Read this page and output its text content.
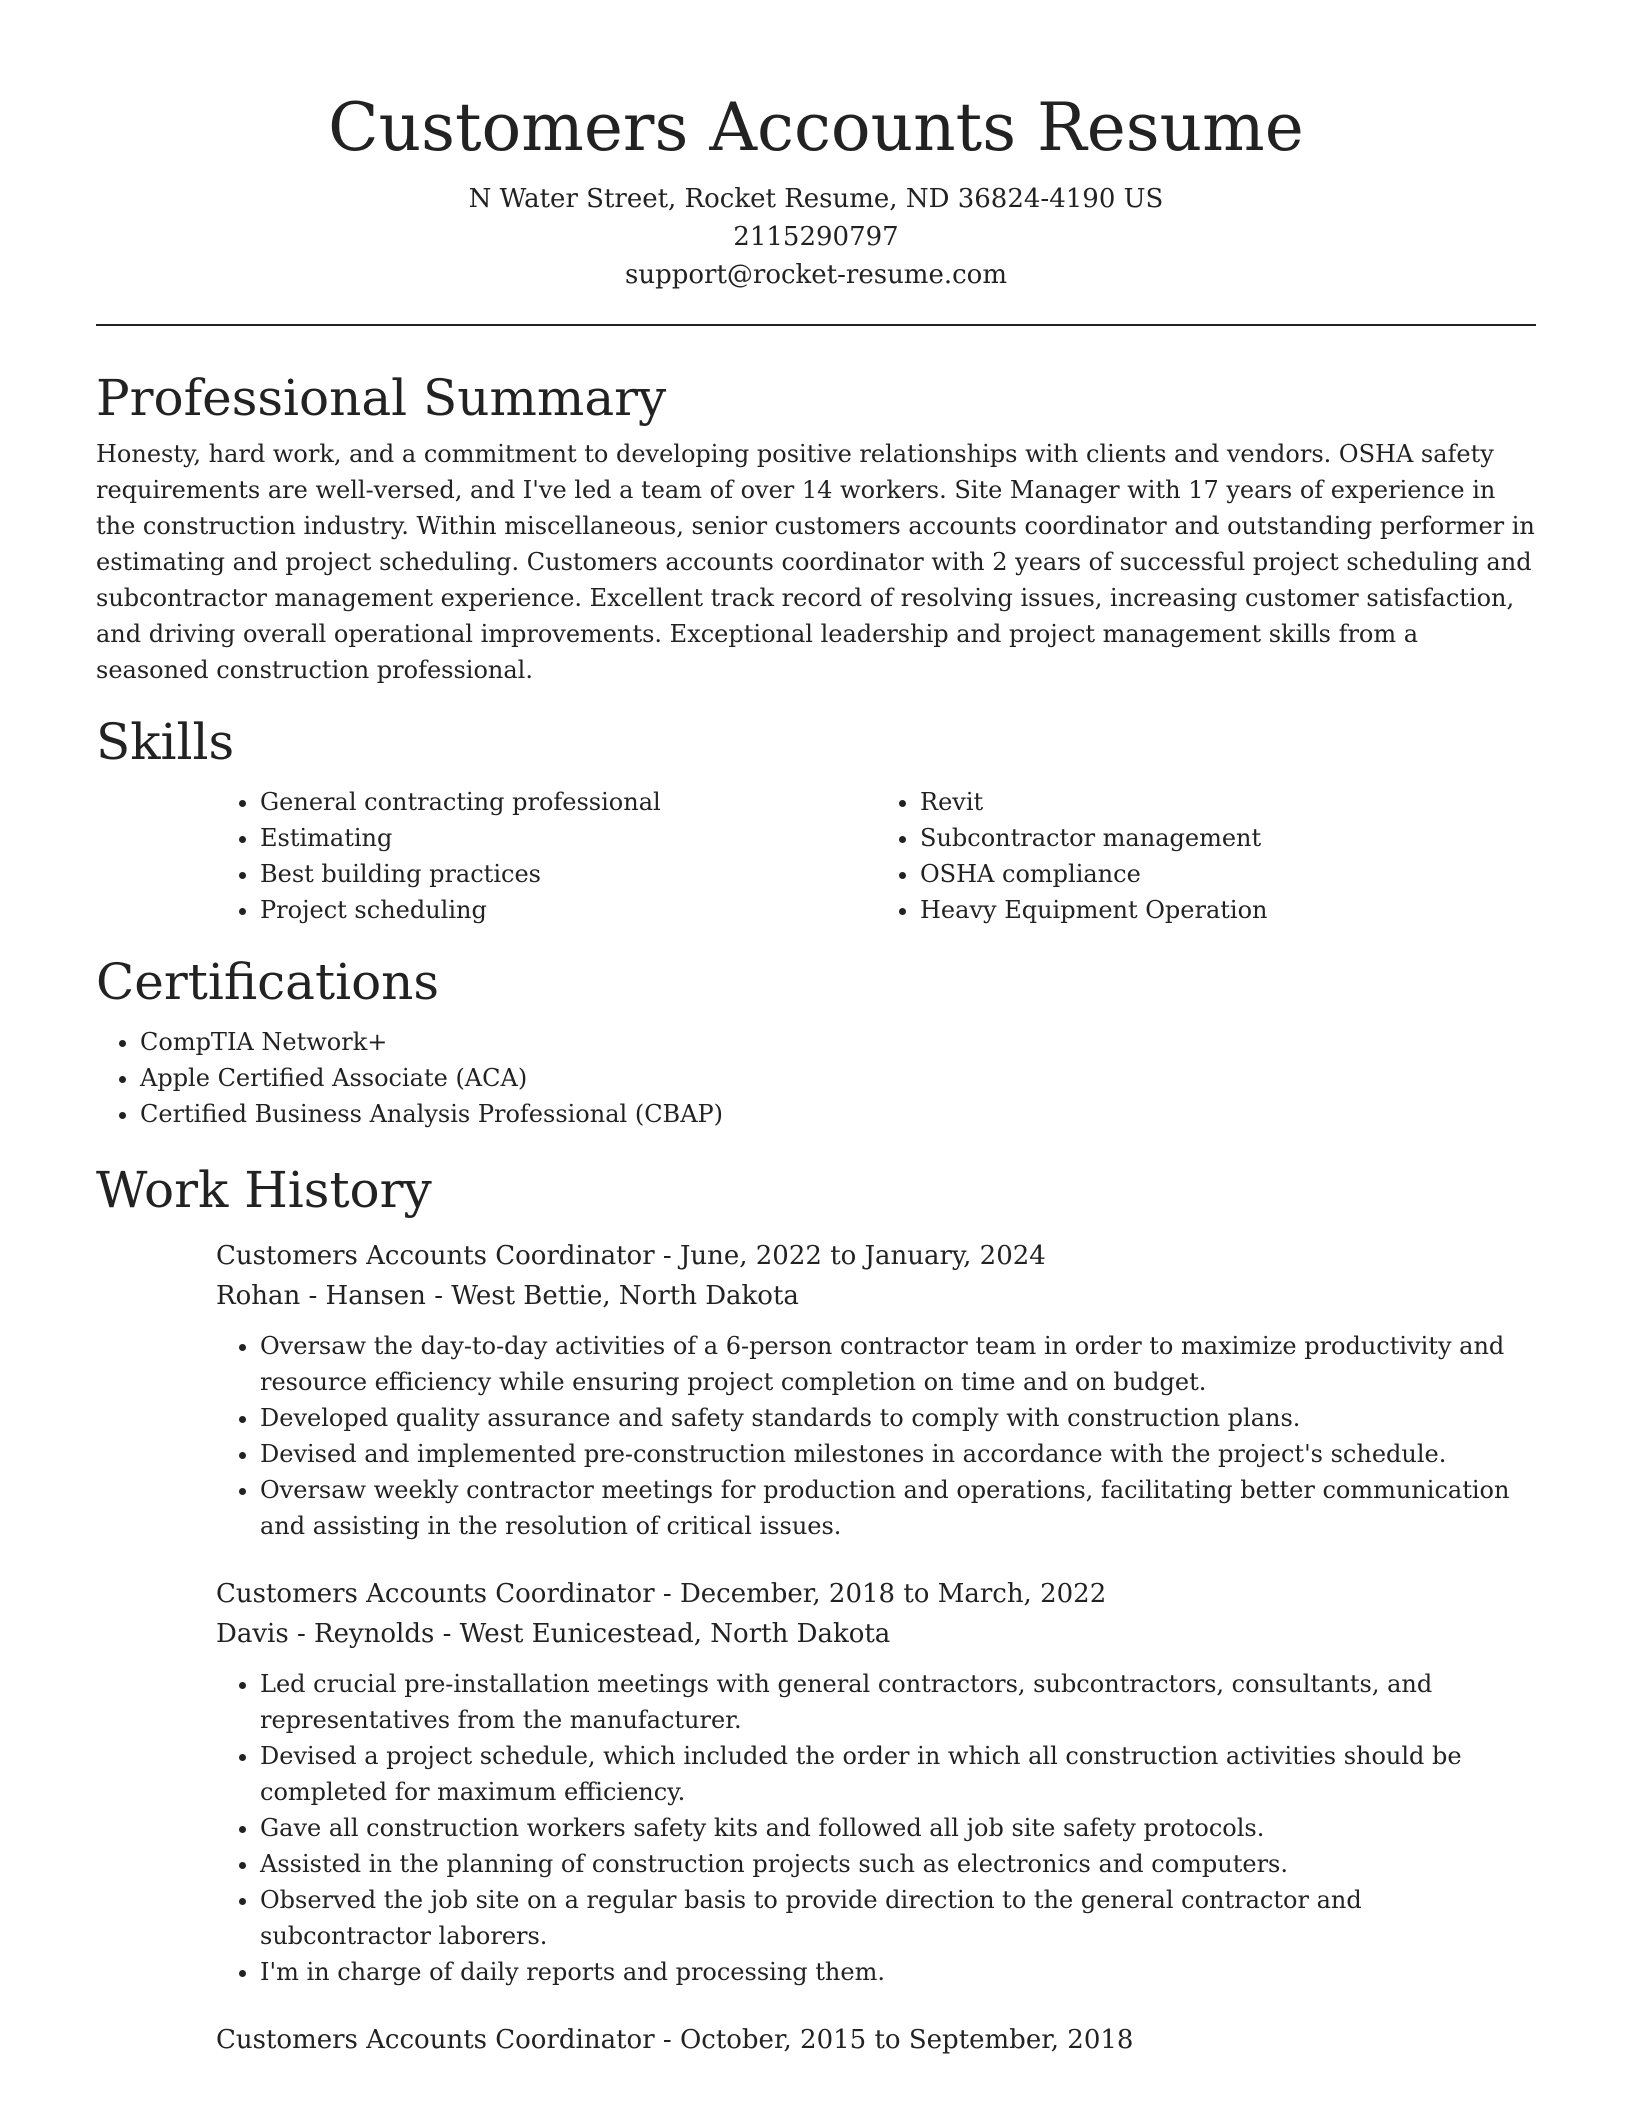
Customers Accounts Resume
N Water Street, Rocket Resume, ND 36824-4190 US
2115290797
support@rocket-resume.com
Professional Summary

Honesty, hard work, and a commitment to developing positive relationships with clients and vendors. OSHA safety requirements are well-versed, and I've led a team of over 14 workers. Site Manager with 17 years of experience in the construction industry. Within miscellaneous, senior customers accounts coordinator and outstanding performer in estimating and project scheduling. Customers accounts coordinator with 2 years of successful project scheduling and subcontractor management experience. Excellent track record of resolving issues, increasing customer satisfaction, and driving overall operational improvements. Exceptional leadership and project management skills from a seasoned construction professional.

Skills
• General contracting professional
• Estimating
• Best building practices
• Project scheduling
• Revit
• Subcontractor management
• OSHA compliance
• Heavy Equipment Operation
Certifications
• CompTIA Network+
• Apple Certified Associate (ACA)
• Certified Business Analysis Professional (CBAP)
Work History
Customers Accounts Coordinator - June, 2022 to January, 2024
Rohan - Hansen - West Bettie, North Dakota
• Oversaw the day-to-day activities of a 6-person contractor team in order to maximize productivity and resource efficiency while ensuring project completion on time and on budget.
• Developed quality assurance and safety standards to comply with construction plans.
• Devised and implemented pre-construction milestones in accordance with the project's schedule.
• Oversaw weekly contractor meetings for production and operations, facilitating better communication and assisting in the resolution of critical issues.
Customers Accounts Coordinator - December, 2018 to March, 2022
Davis - Reynolds - West Eunicestead, North Dakota
• Led crucial pre-installation meetings with general contractors, subcontractors, consultants, and representatives from the manufacturer.
• Devised a project schedule, which included the order in which all construction activities should be completed for maximum efficiency.
• Gave all construction workers safety kits and followed all job site safety protocols.
• Assisted in the planning of construction projects such as electronics and computers.
• Observed the job site on a regular basis to provide direction to the general contractor and subcontractor laborers.
• I'm in charge of daily reports and processing them.
Customers Accounts Coordinator - October, 2015 to September, 2018
